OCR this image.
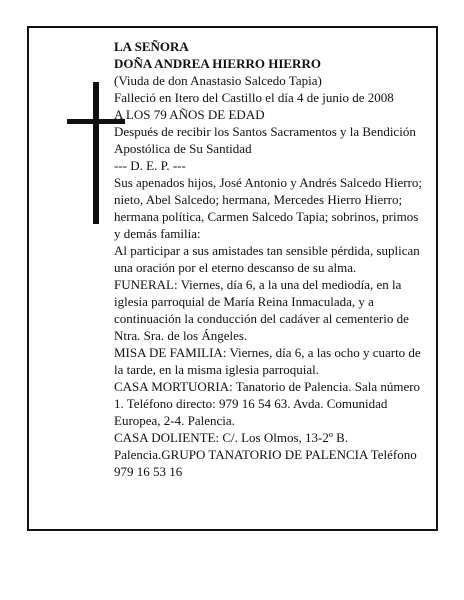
LA SEÑORA
DOÑA ANDREA HIERRO HIERRO
(Viuda de don Anastasio Salcedo Tapia)
Falleció en Itero del Castillo el día 4 de junio de 2008
A LOS 79 AÑOS DE EDAD
Después de recibir los Santos Sacramentos y la Bendición Apostólica de Su Santidad
--- D. E. P. ---
Sus apenados hijos, José Antonio y Andrés Salcedo Hierro; nieto, Abel Salcedo; hermana, Mercedes Hierro Hierro; hermana política, Carmen Salcedo Tapia; sobrinos, primos y demás familia:
Al participar a sus amistades tan sensible pérdida, suplican una oración por el eterno descanso de su alma.
FUNERAL: Viernes, día 6, a la una del mediodía, en la iglesia parroquial de María Reina Inmaculada, y a continuación la conducción del cadáver al cementerio de Ntra. Sra. de los Ángeles.
MISA DE FAMILIA: Viernes, día 6, a las ocho y cuarto de la tarde, en la misma iglesia parroquial.
CASA MORTUORIA: Tanatorio de Palencia. Sala número 1. Teléfono directo: 979 16 54 63. Avda. Comunidad Europea, 2-4. Palencia.
CASA DOLIENTE: C/. Los Olmos, 13-2º B. Palencia.GRUPO TANATORIO DE PALENCIA Teléfono 979 16 53 16
